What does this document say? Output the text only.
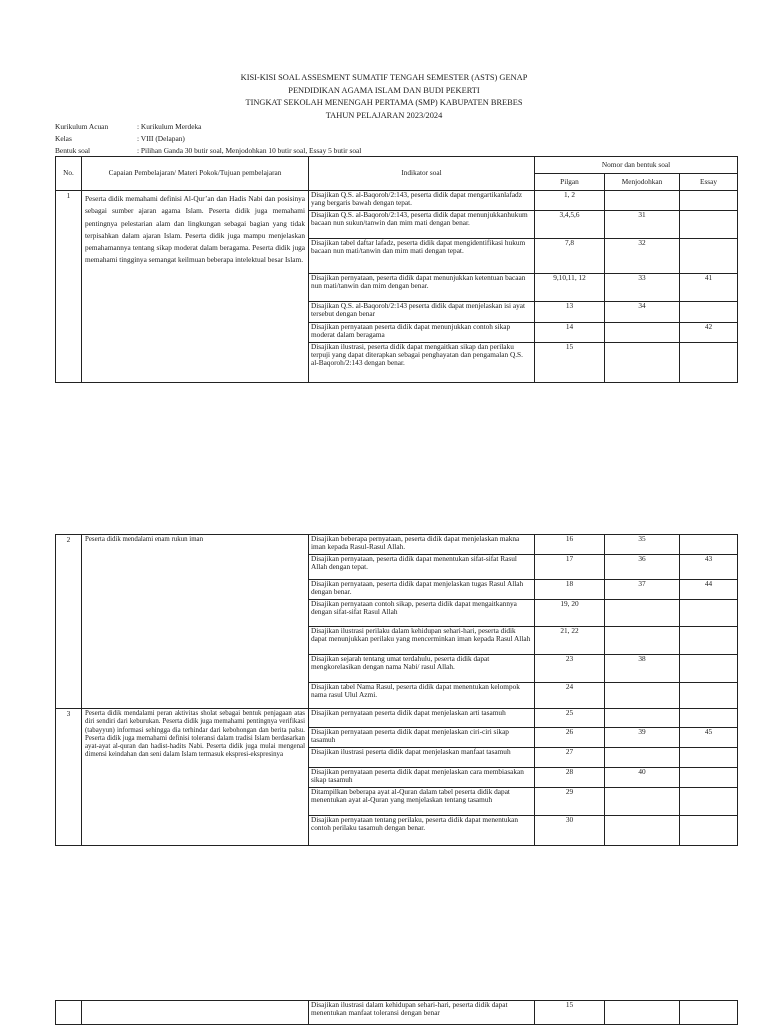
KISI-KISI SOAL ASSESMENT SUMATIF TENGAH SEMESTER (ASTS) GENAP
PENDIDIKAN AGAMA ISLAM DAN BUDI PEKERTI
TINGKAT SEKOLAH MENENGAH PERTAMA (SMP) KABUPATEN BREBES
TAHUN PELAJARAN 2023/2024
Kurikulum Acuan	: Kurikulum Merdeka
Kelas	: VIII (Delapan)
Bentuk soal	: Pilihan Ganda 30 butir soal, Menjodohkan 10 butir soal, Essay 5 butir soal
No.	Capaian Pembelajaran/ Materi Pokok/Tujuan pembelajaran	Indikator soal	Nomor dan bentuk soal		
			Pilgan	Menjodohkan	Essay
1	Peserta didik memahami definisi Al-Qur’an dan Hadis Nabi dan posisinya sebagai sumber ajaran agama Islam. Peserta didik juga memahami pentingnya pelestarian alam dan lingkungan sebagai bagian yang tidak terpisahkan dalam ajaran Islam. Peserta didik juga mampu menjelaskan pemahamannya tentang sikap moderat dalam beragama. Peserta didik juga memahami tingginya semangat keilmuan beberapa intelektual besar Islam.	Disajikan Q.S. al-Baqoroh/2:143, peserta didik dapat mengartikanlafadz yang bergaris bawah dengan tepat.	1, 2		
		Disajikan Q.S. al-Baqoroh/2:143, peserta didik dapat menunjukkanhukum bacaan nun sukun/tanwin dan mim mati dengan benar.	3,4,5,6	31	
		Disajikan tabel daftar lafadz, peserta didik dapat mengidentifikasi hukum bacaan nun mati/tanwin dan mim mati dengan tepat.	7,8	32	
		Disajikan pernyataan, peserta didik dapat menunjukkan ketentuan bacaan nun mati/tanwin dan mim dengan benar.	9,10,11, 12	33	41
		Disajikan Q.S. al-Baqoroh/2:143 peserta didik dapat menjelaskan isi ayat tersebut dengan benar	13	34	
		Disajikan pernyataan peserta didik dapat menunjukkan contoh sikap moderat dalam beragama	14		42
		Disajikan ilustrasi, peserta didik dapat mengaitkan sikap dan perilaku terpuji yang dapat diterapkan sebagai penghayatan dan pengamalan Q.S. al-Baqoroh/2:143 dengan benar.	15		
2	Peserta didik mendalami enam rukun iman	Disajikan beberapa pernyataan, peserta didik dapat menjelaskan makna iman kepada Rasul-Rasul Allah.	16	35	
		Disajikan pernyataan, peserta didik dapat menentukan sifat-sifat Rasul Allah dengan tepat.	17	36	43
		Disajikan pernyataan, peserta didik dapat menjelaskan tugas Rasul Allah dengan benar.	18	37	44
		Disajikan pernyataan contoh sikap, peserta didik dapat mengaitkannya dengan sifat-sifat Rasul Allah	19, 20		
		Disajikan ilustrasi perilaku dalam kehidupan sehari-hari, peserta didik dapat menunjukkan perilaku yang mencerminkan iman kepada Rasul Allah	21, 22		
		Disajikan sejarah tentang umat terdahulu, peserta didik dapat mengkorelasikan dengan nama Nabi/ rasul Allah.	23	38	
		Disajikan tabel Nama Rasul, peserta didik dapat menentukan kelompok nama rasul Ulul Azmi.	24		
3	Peserta didik mendalami peran aktivitas sholat sebagai bentuk penjagaan atas diri sendiri dari keburukan. Peserta didik juga memahami pentingnya verifikasi (tabayyun) informasi sehingga dia terhindar dari kebohongan dan berita palsu. Peserta didik juga memahami definisi toleransi dalam tradisi Islam berdasarkan ayat-ayat al-quran dan hadist-hadits Nabi. Peserta didik juga mulai mengenal dimensi keindahan dan seni dalam Islam termasuk ekspresi-ekspresinya	Disajikan pernyataan peserta didik dapat menjelaskan arti tasamuh	25		
		Disajikan pernyataan peserta didik dapat menjelaskan ciri-ciri sikap tasamuh	26	39	45
		Disajikan ilustrasi peserta didik dapat menjelaskan manfaat tasamuh	27		
		Disajikan pernyataan peserta didik dapat menjelaskan cara membiasakan sikap tasamuh	28	40	
		Ditampilkan beberapa ayat al-Quran dalam tabel peserta didik dapat menentukan ayat al-Quran yang menjelaskan tentang tasamuh	29		
		Disajikan pernyataan tentang perilaku, peserta didik dapat menentukan contoh perilaku tasamuh dengan benar.	30		
		Disajikan ilustrasi dalam kehidupan sehari-hari, peserta didik dapat menentukan manfaat toleransi dengan benar	15		
